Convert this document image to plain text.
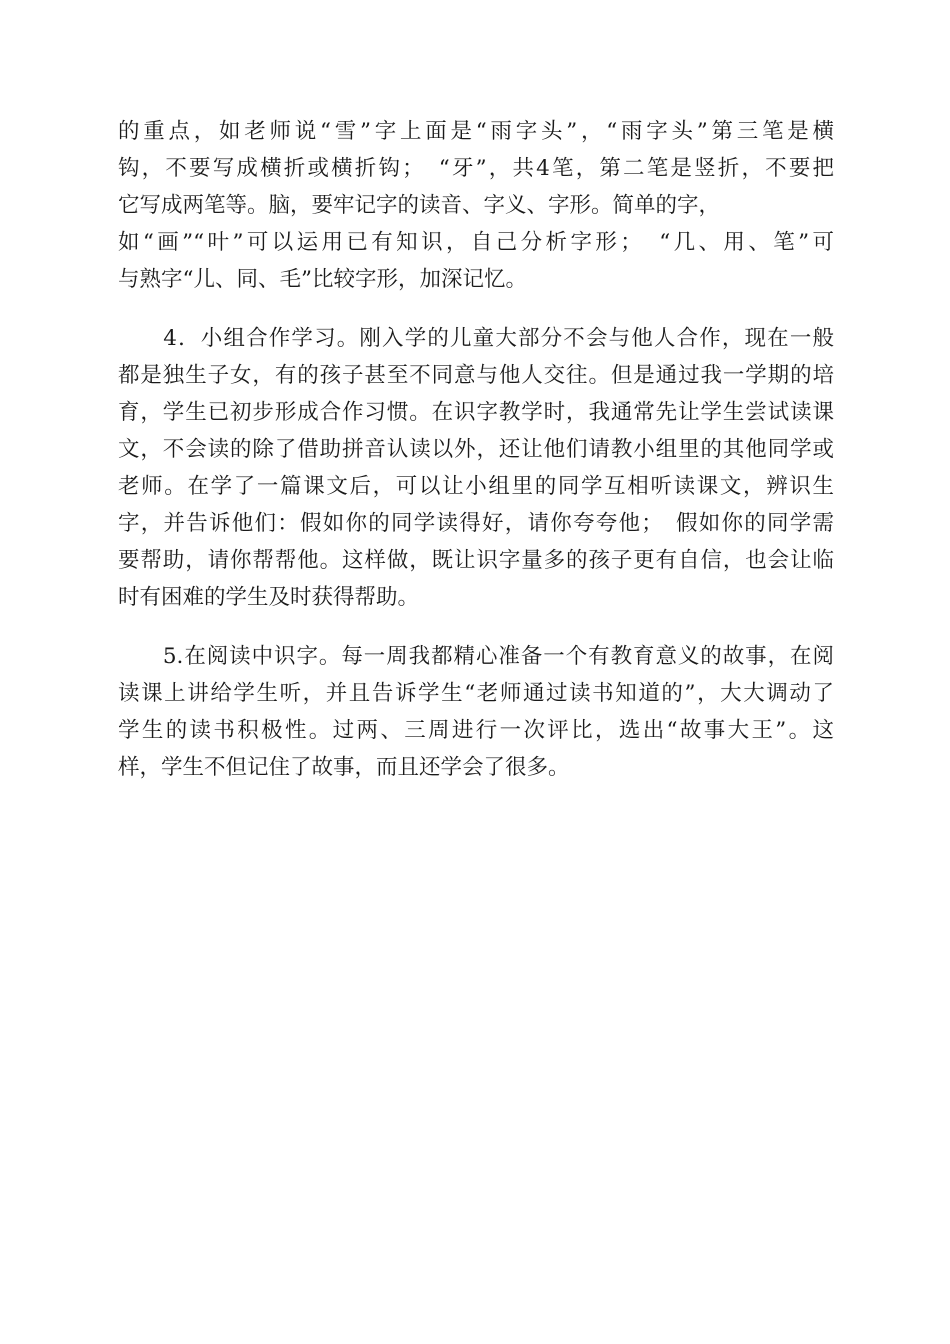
的重点，如老师说“雪”字上面是“雨字头”，“雨字头”第三笔是横
钩，不要写成横折或横折钩；　“牙”，共4笔，第二笔是竖折，不要把
它写成两笔等。脑，要牢记字的读音、字义、字形。简单的字，
如“画”“叶”可以运用已有知识，自己分析字形；　“几、用、笔”可
与熟字“儿、同、毛”比较字形，加深记忆。
　　4．小组合作学习。刚入学的儿童大部分不会与他人合作，现在一般
都是独生子女，有的孩子甚至不同意与他人交往。但是通过我一学期的培
育，学生已初步形成合作习惯。在识字教学时，我通常先让学生尝试读课
文，不会读的除了借助拼音认读以外，还让他们请教小组里的其他同学或
老师。在学了一篇课文后，可以让小组里的同学互相听读课文，辨识生
字，并告诉他们：假如你的同学读得好，请你夸夸他；　假如你的同学需
要帮助，请你帮帮他。这样做，既让识字量多的孩子更有自信，也会让临
时有困难的学生及时获得帮助。
　　5.在阅读中识字。每一周我都精心准备一个有教育意义的故事，在阅
读课上讲给学生听，并且告诉学生“老师通过读书知道的”，大大调动了
学生的读书积极性。过两、三周进行一次评比，选出“故事大王”。这
样，学生不但记住了故事，而且还学会了很多。
